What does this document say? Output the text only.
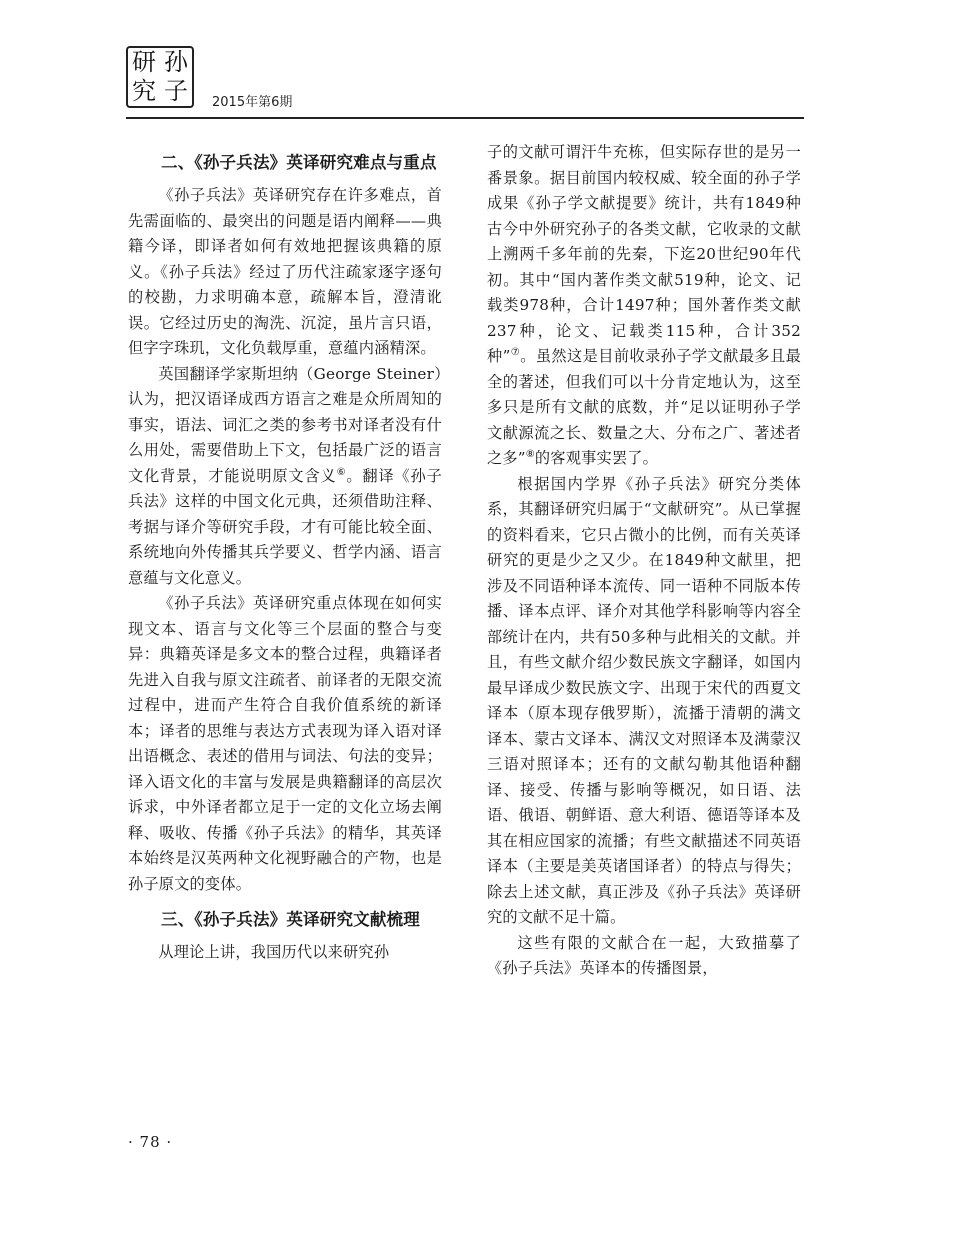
研 孙
究 子	2015年第6期
二、《孙子兵法》英译研究难点与重点

《孙子兵法》英译研究存在许多难点，首先需面临的、最突出的问题是语内阐释——典籍今译，即译者如何有效地把握该典籍的原义。《孙子兵法》经过了历代注疏家逐字逐句的校勘，力求明确本意，疏解本旨，澄清讹误。它经过历史的淘洗、沉淀，虽片言只语，但字字珠玑，文化负载厚重，意蕴内涵精深。

英国翻译学家斯坦纳（George Steiner）认为，把汉语译成西方语言之难是众所周知的事实，语法、词汇之类的参考书对译者没有什么用处，需要借助上下文，包括最广泛的语言文化背景，才能说明原文含义⑥。翻译《孙子兵法》这样的中国文化元典，还须借助注释、考据与译介等研究手段，才有可能比较全面、系统地向外传播其兵学要义、哲学内涵、语言意蕴与文化意义。

《孙子兵法》英译研究重点体现在如何实现文本、语言与文化等三个层面的整合与变异：典籍英译是多文本的整合过程，典籍译者先进入自我与原文注疏者、前译者的无限交流过程中，进而产生符合自我价值系统的新译本；译者的思维与表达方式表现为译入语对译出语概念、表述的借用与词法、句法的变异；译入语文化的丰富与发展是典籍翻译的高层次诉求，中外译者都立足于一定的文化立场去阐释、吸收、传播《孙子兵法》的精华，其英译本始终是汉英两种文化视野融合的产物，也是孙子原文的变体。

三、《孙子兵法》英译研究文献梳理

从理论上讲，我国历代以来研究孙

子的文献可谓汗牛充栋，但实际存世的是另一番景象。据目前国内较权威、较全面的孙子学成果《孙子学文献提要》统计，共有1849种古今中外研究孙子的各类文献，它收录的文献上溯两千多年前的先秦，下迄20世纪90年代初。其中“国内著作类文献519种，论文、记载类978种，合计1497种；国外著作类文献237种，论文、记载类115种，合计352种”⑦。虽然这是目前收录孙子学文献最多且最全的著述，但我们可以十分肯定地认为，这至多只是所有文献的底数，并“足以证明孙子学文献源流之长、数量之大、分布之广、著述者之多”⑧的客观事实罢了。

根据国内学界《孙子兵法》研究分类体系，其翻译研究归属于“文献研究”。从已掌握的资料看来，它只占微小的比例，而有关英译研究的更是少之又少。在1849种文献里，把涉及不同语种译本流传、同一语种不同版本传播、译本点评、译介对其他学科影响等内容全部统计在内，共有50多种与此相关的文献。并且，有些文献介绍少数民族文字翻译，如国内最早译成少数民族文字、出现于宋代的西夏文译本（原本现存俄罗斯），流播于清朝的满文译本、蒙古文译本、满汉文对照译本及满蒙汉三语对照译本；还有的文献勾勒其他语种翻译、接受、传播与影响等概况，如日语、法语、俄语、朝鲜语、意大利语、德语等译本及其在相应国家的流播；有些文献描述不同英语译本（主要是美英诸国译者）的特点与得失；除去上述文献，真正涉及《孙子兵法》英译研究的文献不足十篇。

这些有限的文献合在一起，大致描摹了《孙子兵法》英译本的传播图景，

· 78 ·
